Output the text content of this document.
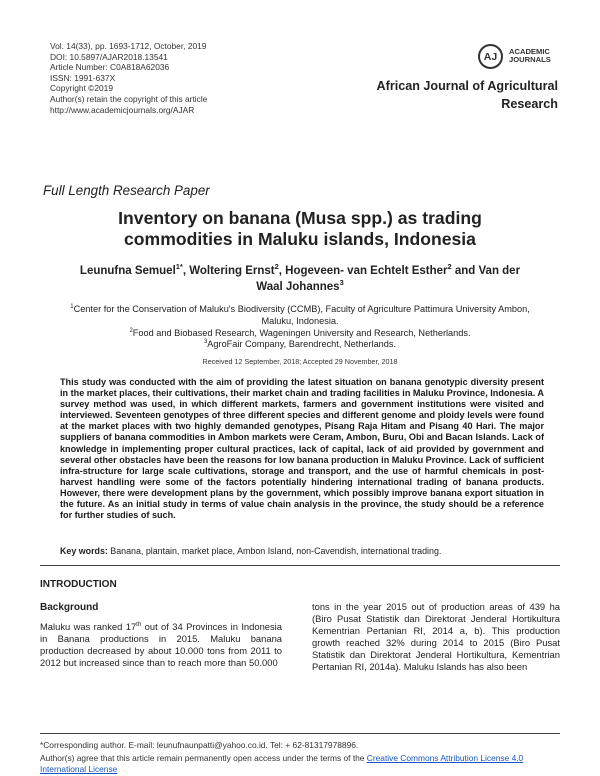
Vol. 14(33), pp. 1693-1712, October, 2019
DOI: 10.5897/AJAR2018.13541
Article Number: C0A818A62036
ISSN: 1991-637X
Copyright ©2019
Author(s) retain the copyright of this article
http://www.academicjournals.org/AJAR
AJ	ACADEMIC
JOURNALS
African Journal of Agricultural
Research
Full Length Research Paper
Inventory on banana (Musa spp.) as trading
commodities in Maluku islands, Indonesia
Leunufna Semuel$^{1*}$, Woltering Ernst$^2$, Hogeveen- van Echtelt Esther$^2$ and Van der
Waal Johannes$^3$
$^1$Center for the Conservation of Maluku's Biodiversity (CCMB), Faculty of Agriculture Pattimura University Ambon,
Maluku, Indonesia.
$^2$Food and Biobased Research, Wageningen University and Research, Netherlands.
$^3$AgroFair Company, Barendrecht, Netherlands.
Received 12 September, 2018; Accepted 29 November, 2018
This study was conducted with the aim of providing the latest situation on banana genotypic diversity present in the market places, their cultivations, their market chain and trading facilities in Maluku Province, Indonesia. A survey method was used, in which different markets, farmers and government institutions were visited and interviewed. Seventeen genotypes of three different species and different genome and ploidy levels were found at the market places with two highly demanded genotypes, Pisang Raja Hitam and Pisang 40 Hari. The major suppliers of banana commodities in Ambon markets were Ceram, Ambon, Buru, Obi and Bacan Islands. Lack of knowledge in implementing proper cultural practices, lack of capital, lack of aid provided by government and several other obstacles have been the reasons for low banana production in Maluku Province. Lack of sufficient infra-structure for large scale cultivations, storage and transport, and the use of harmful chemicals in post-harvest handling were some of the factors potentially hindering international trading of banana products. However, there were development plans by the government, which possibly improve banana export situation in the future. As an initial study in terms of value chain analysis in the province, the study should be a reference for further studies of such.
Key words: Banana, plantain, market place, Ambon Island, non-Cavendish, international trading.
INTRODUCTION
Background
Maluku was ranked 17th out of 34 Provinces in Indonesia in Banana productions in 2015. Maluku banana production decreased by about 10.000 tons from 2011 to 2012 but increased since than to reach more than 50.000
tons in the year 2015 out of production areas of 439 ha (Biro Pusat Statistik dan Direktorat Jenderal Hortikultura Kementrian Pertanian RI, 2014 a, b). This production growth reached 32% during 2014 to 2015 (Biro Pusat Statistik dan Direktorat Jenderal Hortikultura, Kementrian Pertanian RI, 2014a). Maluku Islands has also been
*Corresponding author. E-mail: leunufnaunpatti@yahoo.co.id. Tel: + 62-81317978896.
Author(s) agree that this article remain permanently open access under the terms of the Creative Commons Attribution License 4.0 International License
